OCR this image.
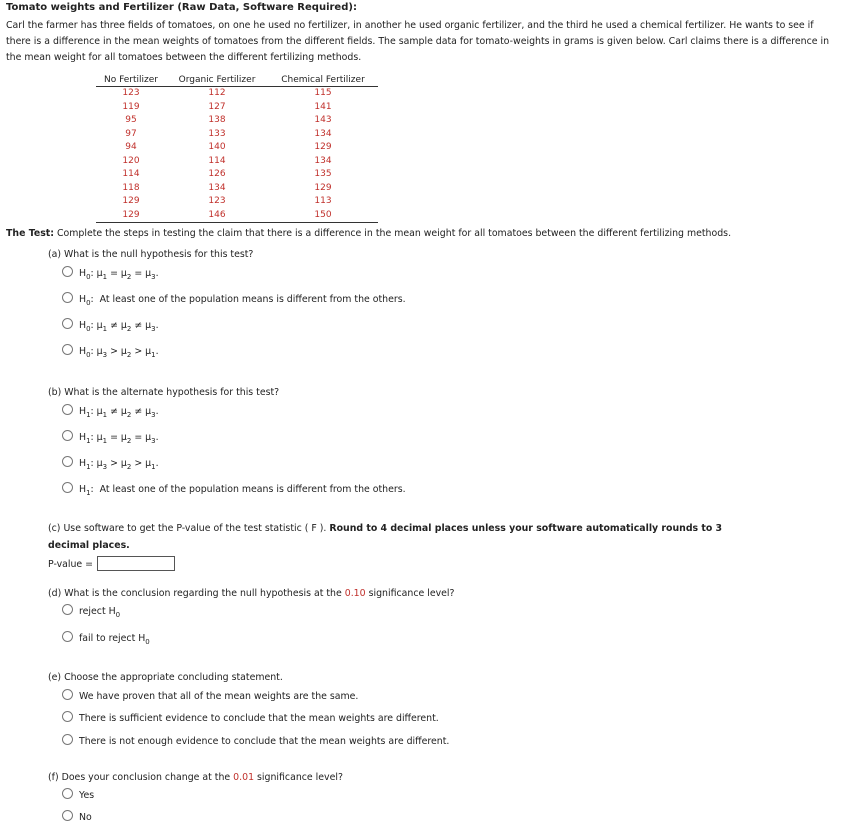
Tomato weights and Fertilizer (Raw Data, Software Required):
Carl the farmer has three fields of tomatoes, on one he used no fertilizer, in another he used organic fertilizer, and the third he used a chemical fertilizer. He wants to see if there is a difference in the mean weights of tomatoes from the different fields. The sample data for tomato-weights in grams is given below. Carl claims there is a difference in the mean weight for all tomatoes between the different fertilizing methods.
No Fertilizer	Organic Fertilizer	Chemical Fertilizer
123	112	115
119	127	141
95	138	143
97	133	134
94	140	129
120	114	134
114	126	135
118	134	129
129	123	113
129	146	150
The Test: Complete the steps in testing the claim that there is a difference in the mean weight for all tomatoes between the different fertilizing methods.
(a) What is the null hypothesis for this test?
$H_0$: $\mu_1 = \mu_2 = \mu_3$.
$H_0$:  At least one of the population means is different from the others.
$H_0$: $\mu_1 \ne \mu_2 \ne \mu_3$.
$H_0$: $\mu_3 > \mu_2 > \mu_1$.
(b) What is the alternate hypothesis for this test?
$H_1$: $\mu_1 \ne \mu_2 \ne \mu_3$.
$H_1$: $\mu_1 = \mu_2 = \mu_3$.
$H_1$: $\mu_3 > \mu_2 > \mu_1$.
$H_1$:  At least one of the population means is different from the others.
(c) Use software to get the P-value of the test statistic ( F ). Round to 4 decimal places unless your software automatically rounds to 3
decimal places.
P-value =
(d) What is the conclusion regarding the null hypothesis at the 0.10 significance level?
reject $H_0$
fail to reject $H_0$
(e) Choose the appropriate concluding statement.
We have proven that all of the mean weights are the same.
There is sufficient evidence to conclude that the mean weights are different.
There is not enough evidence to conclude that the mean weights are different.
(f) Does your conclusion change at the 0.01 significance level?
Yes
No
